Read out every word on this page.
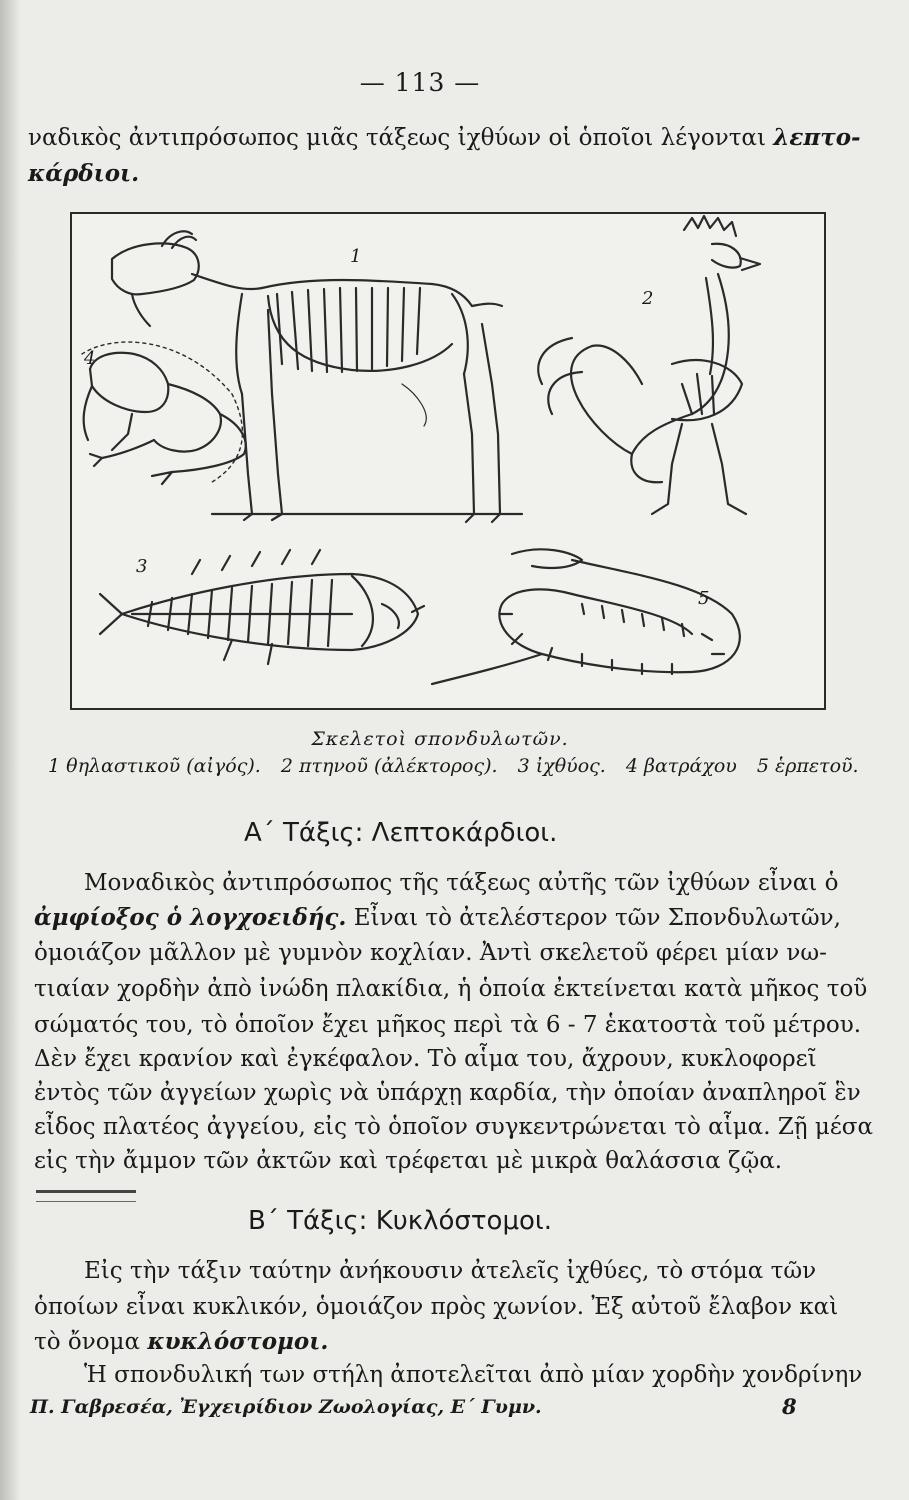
— 113 —
ναδικὸς ἀντιπρόσωπος μιᾶς τάξεως ἰχθύων οἱ ὁποῖοι λέγονται λεπτο-
κάρδιοι.
1
2
3
4
5
Σκελετοὶ σπονδυλωτῶν.
1 θηλαστικοῦ (αἰγός). 2 πτηνοῦ (ἀλέκτορος). 3 ἰχθύος. 4 βατράχου 5 ἑρπετοῦ.
Α΄ Τάξις: Λεπτοκάρδιοι.
Μοναδικὸς ἀντιπρόσωπος τῆς τάξεως αὐτῆς τῶν ἰχθύων εἶναι ὁ
ἀμφίοξος ὁ λογχοειδής. Εἶναι τὸ ἀτελέστερον τῶν Σπονδυλωτῶν,
ὁμοιάζον μᾶλλον μὲ γυμνὸν κοχλίαν. Ἀντὶ σκελετοῦ φέρει μίαν νω-
τιαίαν χορδὴν ἀπὸ ἰνώδη πλακίδια, ἡ ὁποία ἐκτείνεται κατὰ μῆκος τοῦ
σώματός του, τὸ ὁποῖον ἔχει μῆκος περὶ τὰ 6 - 7 ἑκατοστὰ τοῦ μέτρου.
Δὲν ἔχει κρανίον καὶ ἐγκέφαλον. Τὸ αἷμα του, ἄχρουν, κυκλοφορεῖ
ἐντὸς τῶν ἀγγείων χωρὶς νὰ ὑπάρχῃ καρδία, τὴν ὁποίαν ἀναπληροῖ ἓν
εἶδος πλατέος ἀγγείου, εἰς τὸ ὁποῖον συγκεντρώνεται τὸ αἷμα. Ζῇ μέσα
εἰς τὴν ἄμμον τῶν ἀκτῶν καὶ τρέφεται μὲ μικρὰ θαλάσσια ζῷα.
Β΄ Τάξις: Κυκλόστομοι.
Εἰς τὴν τάξιν ταύτην ἀνήκουσιν ἀτελεῖς ἰχθύες, τὸ στόμα τῶν
ὁποίων εἶναι κυκλικόν, ὁμοιάζον πρὸς χωνίον. Ἐξ αὐτοῦ ἔλαβον καὶ
τὸ ὄνομα κυκλόστομοι.
Ἡ σπονδυλική των στήλη ἀποτελεῖται ἀπὸ μίαν χορδὴν χονδρίνην
Π. Γαβρεσέα, Ἐγχειρίδιον Ζωολογίας, Ε΄ Γυμν.	8
